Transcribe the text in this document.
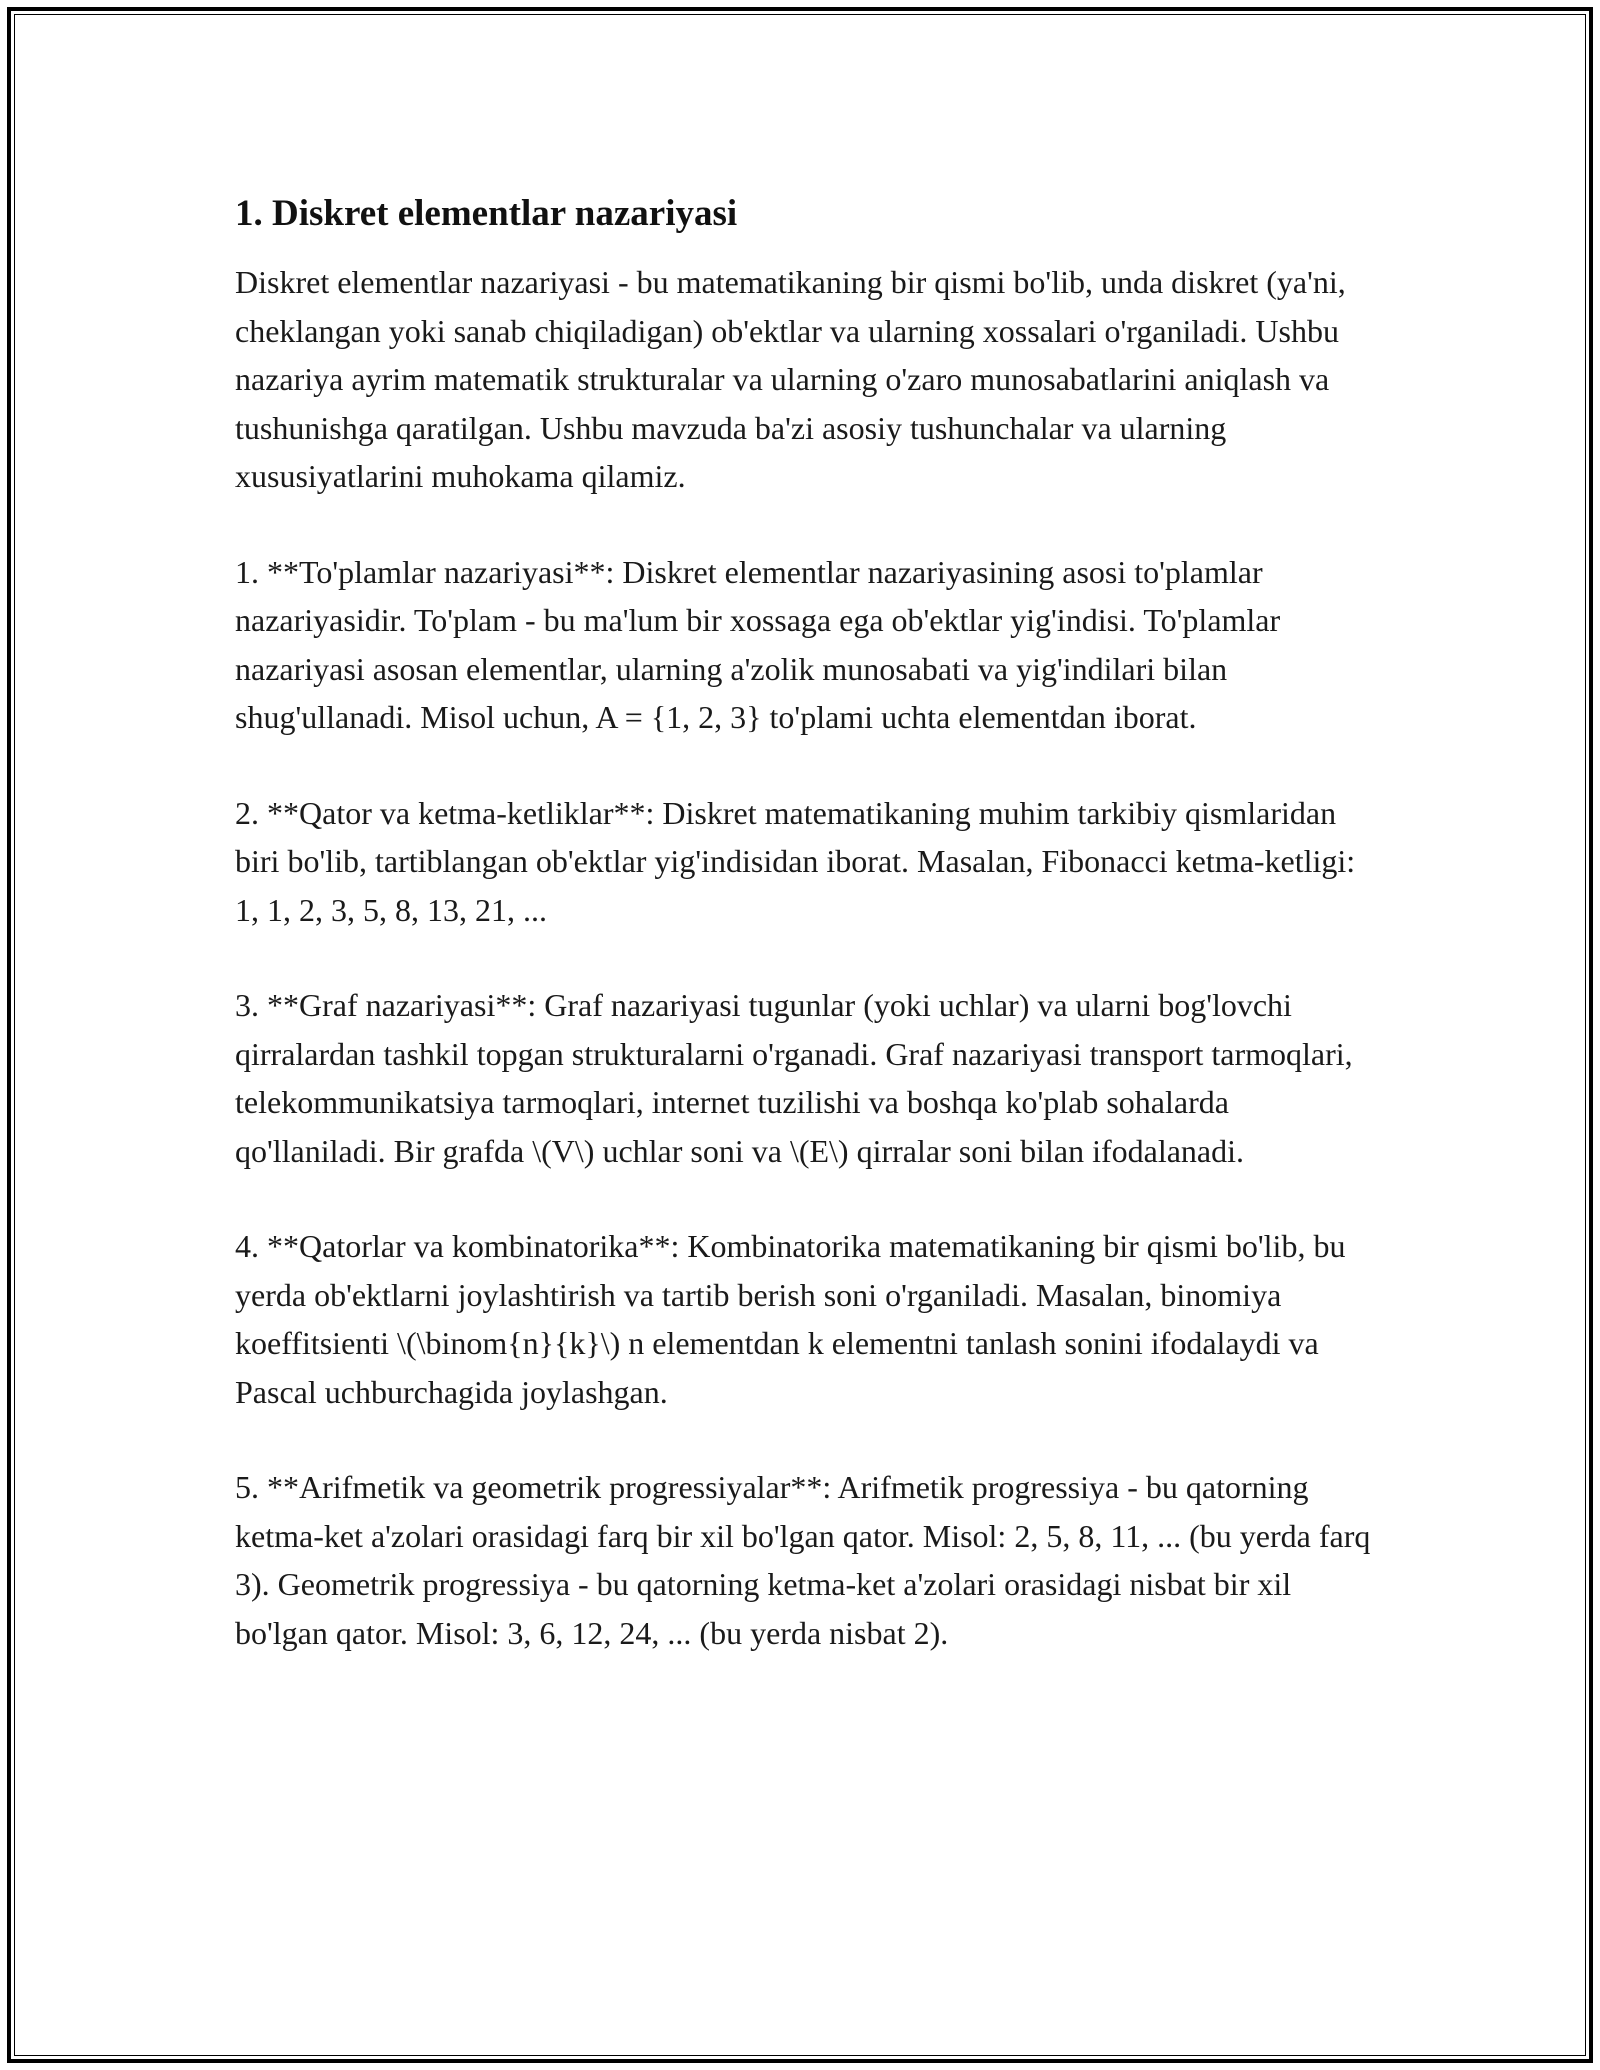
1. Diskret elementlar nazariyasi

Diskret elementlar nazariyasi - bu matematikaning bir qismi bo'lib, unda diskret (ya'ni, cheklangan yoki sanab chiqiladigan) ob'ektlar va ularning xossalari o'rganiladi. Ushbu nazariya ayrim matematik strukturalar va ularning o'zaro munosabatlarini aniqlash va tushunishga qaratilgan. Ushbu mavzuda ba'zi asosiy tushunchalar va ularning xususiyatlarini muhokama qilamiz.

1. **To'plamlar nazariyasi**: Diskret elementlar nazariyasining asosi to'plamlar nazariyasidir. To'plam - bu ma'lum bir xossaga ega ob'ektlar yig'indisi. To'plamlar nazariyasi asosan elementlar, ularning a'zolik munosabati va yig'indilari bilan shug'ullanadi. Misol uchun, A = {1, 2, 3} to'plami uchta elementdan iborat.

2. **Qator va ketma-ketliklar**: Diskret matematikaning muhim tarkibiy qismlaridan biri bo'lib, tartiblangan ob'ektlar yig'indisidan iborat. Masalan, Fibonacci ketma-ketligi: 1, 1, 2, 3, 5, 8, 13, 21, ...

3. **Graf nazariyasi**: Graf nazariyasi tugunlar (yoki uchlar) va ularni bog'lovchi qirralardan tashkil topgan strukturalarni o'rganadi. Graf nazariyasi transport tarmoqlari, telekommunikatsiya tarmoqlari, internet tuzilishi va boshqa ko'plab sohalarda qo'llaniladi. Bir grafda \(V\) uchlar soni va \(E\) qirralar soni bilan ifodalanadi.

4. **Qatorlar va kombinatorika**: Kombinatorika matematikaning bir qismi bo'lib, bu yerda ob'ektlarni joylashtirish va tartib berish soni o'rganiladi. Masalan, binomiya koeffitsienti \(\binom{n}{k}\) n elementdan k elementni tanlash sonini ifodalaydi va Pascal uchburchagida joylashgan.

5. **Arifmetik va geometrik progressiyalar**: Arifmetik progressiya - bu qatorning ketma-ket a'zolari orasidagi farq bir xil bo'lgan qator. Misol: 2, 5, 8, 11, ... (bu yerda farq 3). Geometrik progressiya - bu qatorning ketma-ket a'zolari orasidagi nisbat bir xil bo'lgan qator. Misol: 3, 6, 12, 24, ... (bu yerda nisbat 2).
